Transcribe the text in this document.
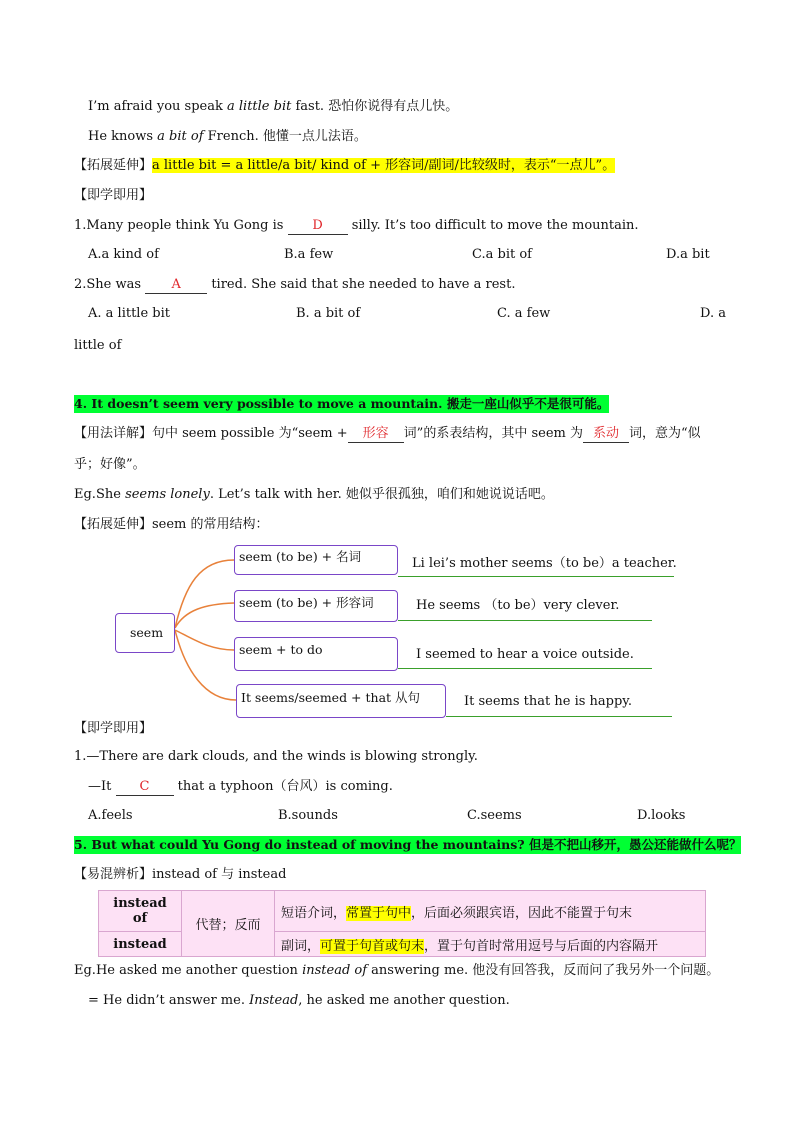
I’m afraid you speak a little bit fast. 恐怕你说得有点儿快。
He knows a bit of French. 他懂一点儿法语。
【拓展延伸】a little bit = a little/a bit/ kind of + 形容词/副词/比较级时，表示“一点儿”。
【即学即用】
1.Many people think Yu Gong is D silly. It’s too difficult to move the mountain.
A.a kind of	B.a few	C.a bit of	D.a bit
2.She was A tired. She said that she needed to have a rest.
A. a little bit	B. a bit of	C. a few	D. a
little of
4. It doesn’t seem very possible to move a mountain. 搬走一座山似乎不是很可能。
【用法详解】句中 seem possible 为“seem + 形容 词”的系表结构，其中 seem 为 系动 词，意为“似
乎；好像”。
Eg.She seems lonely. Let’s talk with her. 她似乎很孤独，咱们和她说说话吧。
【拓展延伸】seem 的常用结构：
seem
seem (to be) + 名词
seem (to be) + 形容词
seem + to do
It seems/seemed + that 从句
Li lei’s mother seems（to be）a teacher.
He seems （to be）very clever.
I seemed to hear a voice outside.
It seems that he is happy.
【即学即用】
1.—There are dark clouds, and the winds is blowing strongly.
—It C that a typhoon（台风）is coming.
A.feels	B.sounds	C.seems	D.looks
5. But what could Yu Gong do instead of moving the mountains? 但是不把山移开，愚公还能做什么呢？
【易混辨析】instead of 与 instead
instead of	代替；反而	短语介词，常置于句中，后面必须跟宾语，因此不能置于句末
instead		副词，可置于句首或句末，置于句首时常用逗号与后面的内容隔开
Eg.He asked me another question instead of answering me. 他没有回答我，反而问了我另外一个问题。
= He didn’t answer me. Instead, he asked me another question.
